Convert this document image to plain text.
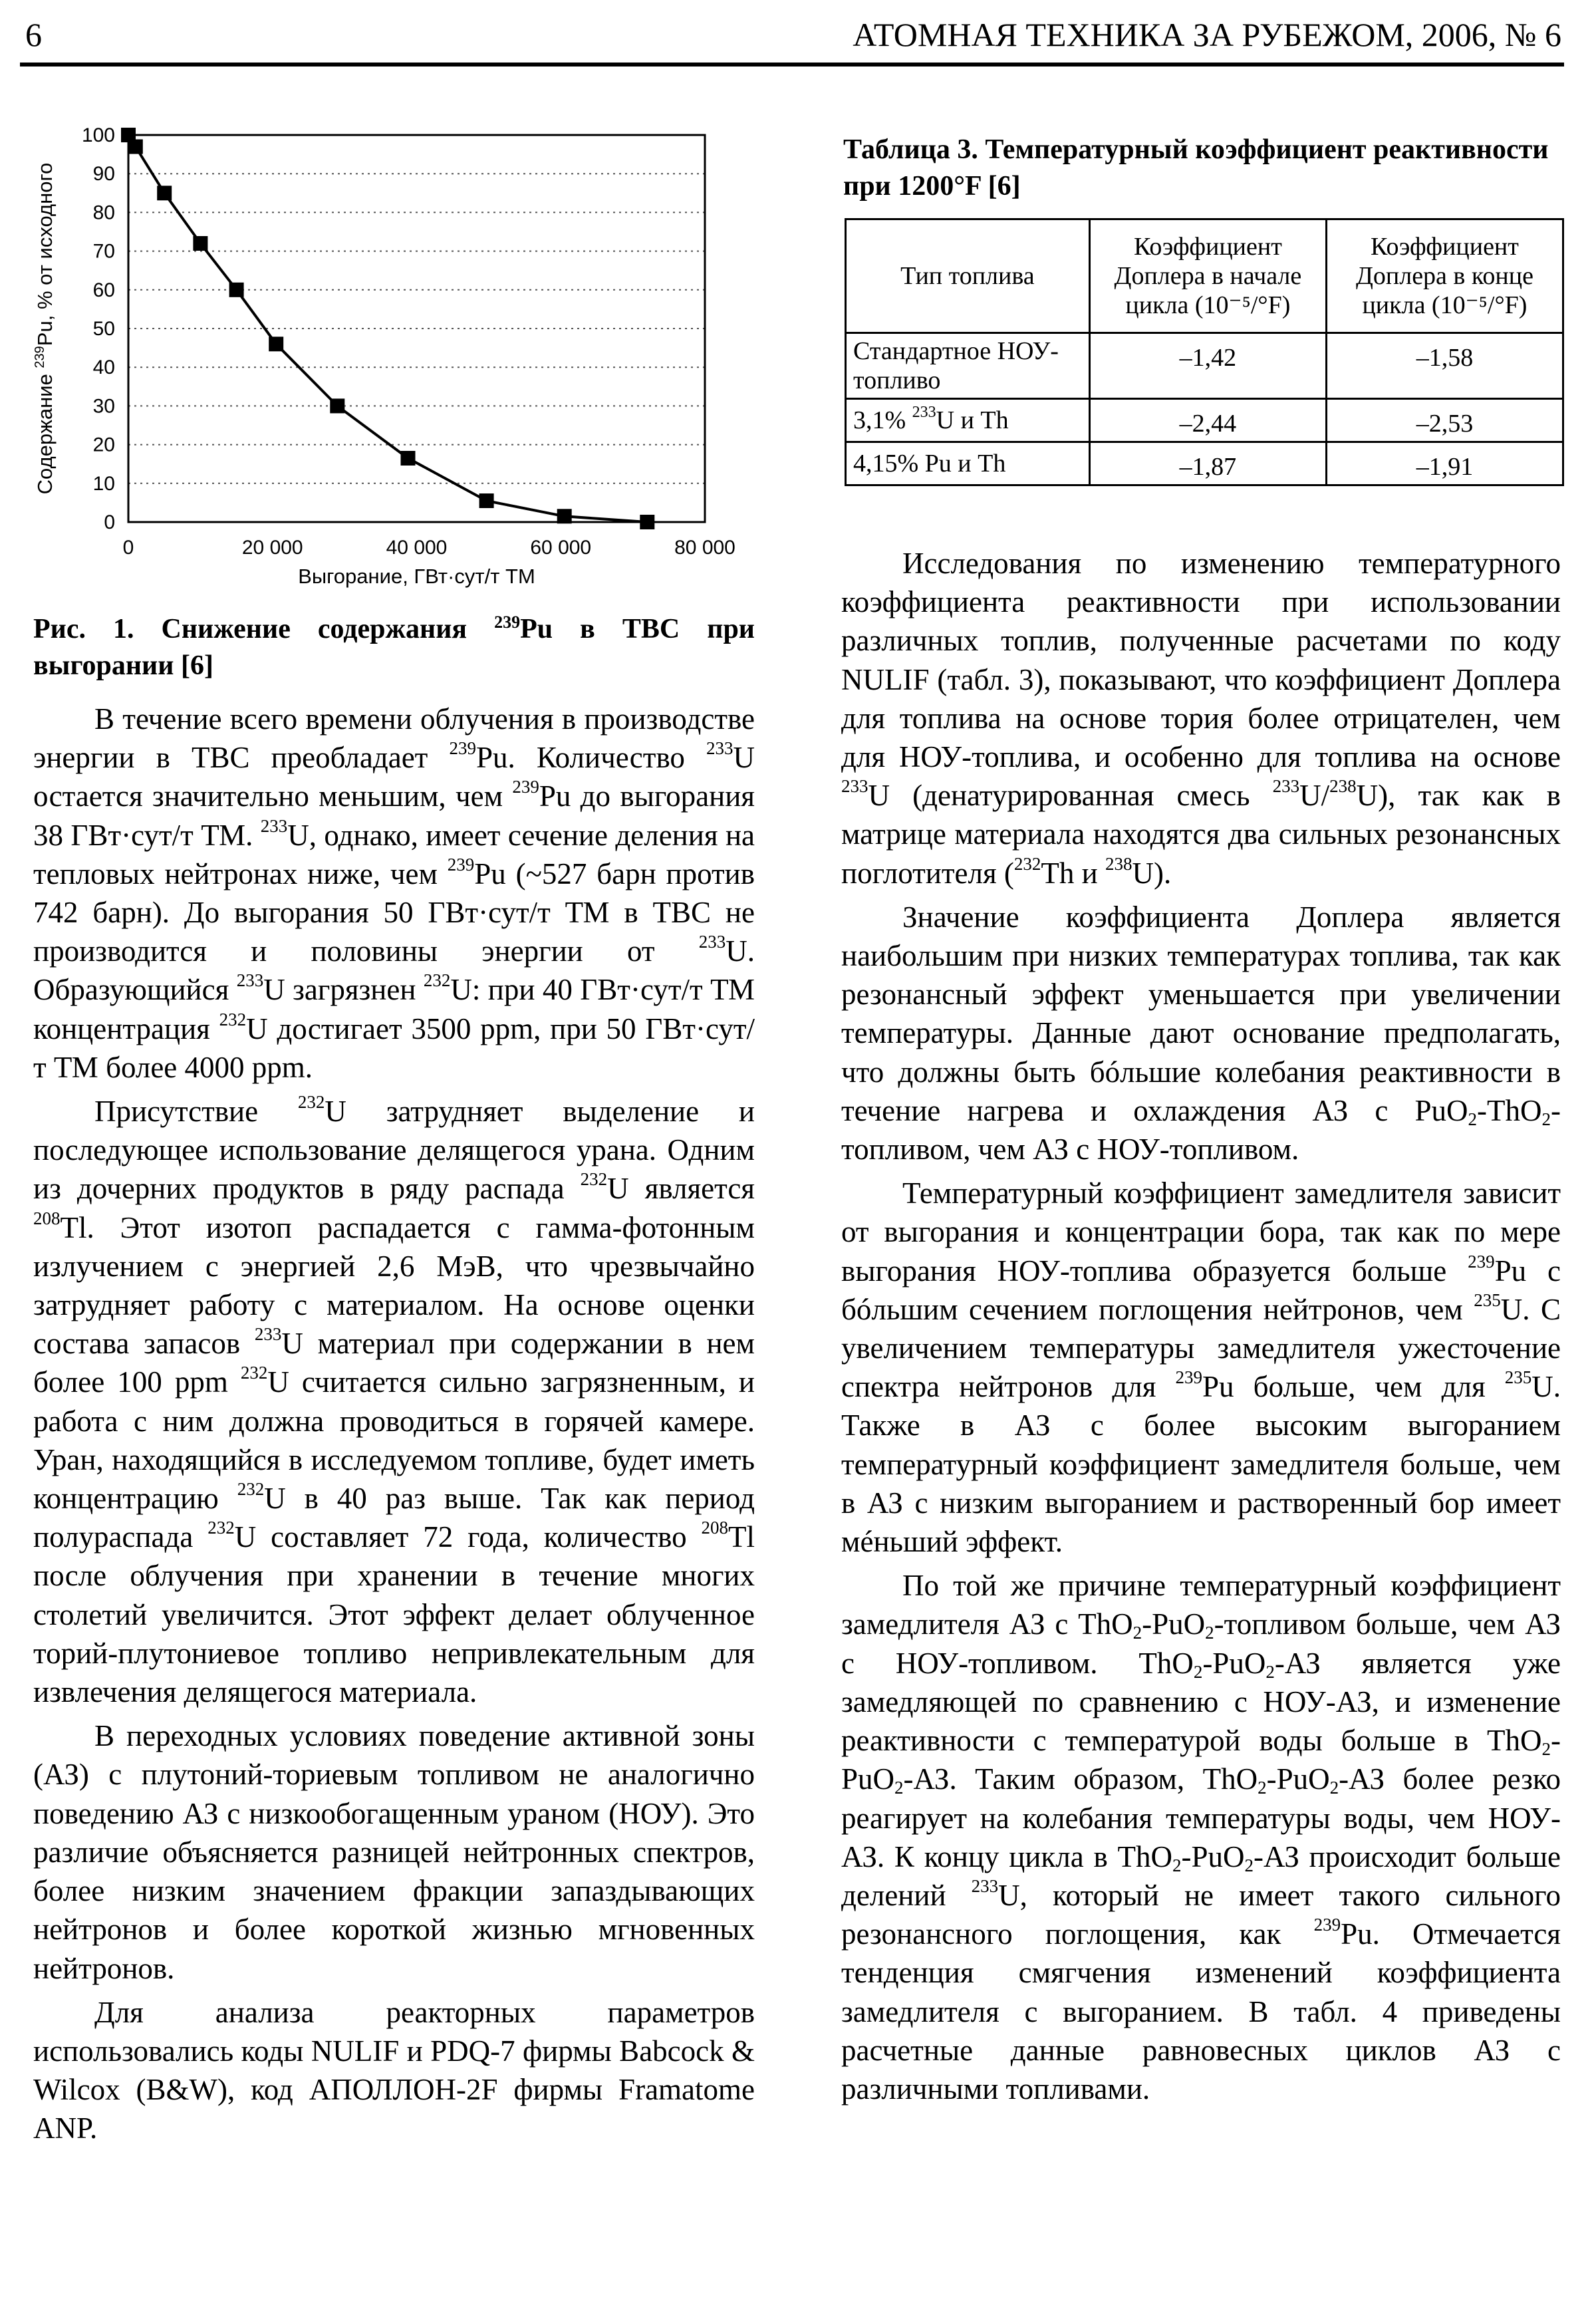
6	АТОМНАЯ ТЕХНИКА ЗА РУБЕЖОМ, 2006, № 6
0
10
20
30
40
50
60
70
80
90
100
0	20 000	40 000	60 000	80 000
Выгорание, ГВт·сут/т ТМ
Содержание $^{239}$Pu, % от исходного
Рис. 1. Снижение содержания $^{239}$Pu в ТВС при выгорании [6]
Таблица 3. Температурный коэффициент реактивности при 1200°F [6]
Тип топлива	Коэффициент Доплера в начале цикла (10⁻⁵/°F)	Коэффициент Доплера в конце цикла (10⁻⁵/°F)
Стандартное НОУ-топливо	–1,42	–1,58
3,1% $^{233}$U и Th	–2,44	–2,53
4,15% Pu и Th	–1,87	–1,91

В течение всего времени облучения в производстве энергии в ТВС преобладает $^{239}$Pu. Количество $^{233}$U остается значительно меньшим, чем $^{239}$Pu до выгорания 38 ГВт·сут/т ТМ. $^{233}$U, однако, имеет сечение деления на тепловых нейтронах ниже, чем $^{239}$Pu (~527 барн против 742 барн). До выгорания 50 ГВт·сут/т ТМ в ТВС не производится и половины энергии от $^{233}$U. Образующийся $^{233}$U загрязнен $^{232}$U: при 40 ГВт·сут/т ТМ концентрация $^{232}$U достигает 3500 ppm, при 50 ГВт·сут/т ТМ более 4000 ppm.

Присутствие $^{232}$U затрудняет выделение и последующее использование делящегося урана. Одним из дочерних продуктов в ряду распада $^{232}$U является $^{208}$Tl. Этот изотоп распадается с гамма-фотонным излучением с энергией 2,6 МэВ, что чрезвычайно затрудняет работу с материалом. На основе оценки состава запасов $^{233}$U материал при содержании в нем более 100 ppm $^{232}$U считается сильно загрязненным, и работа с ним должна проводиться в горячей камере. Уран, находящийся в исследуемом топливе, будет иметь концентрацию $^{232}$U в 40 раз выше. Так как период полураспада $^{232}$U составляет 72 года, количество $^{208}$Tl после облучения при хранении в течение многих столетий увеличится. Этот эффект делает облученное торий-плутониевое топливо непривлекательным для извлечения делящегося материала.

В переходных условиях поведение активной зоны (АЗ) с плутоний-ториевым топливом не аналогично поведению АЗ с низкообогащенным ураном (НОУ). Это различие объясняется разницей нейтронных спектров, более низким значением фракции запаздывающих нейтронов и более короткой жизнью мгновенных нейтронов.

Для анализа реакторных параметров использовались коды NULIF и PDQ-7 фирмы Babcock & Wilcox (B&W), код АПОЛЛОН-2F фирмы Framatome ANP.

Исследования по изменению температурного коэффициента реактивности при использовании различных топлив, полученные расчетами по коду NULIF (табл. 3), показывают, что коэффициент Доплера для топлива на основе тория более отрицателен, чем для НОУ-топлива, и особенно для топлива на основе $^{233}$U (денатурированная смесь $^{233}$U/$^{238}$U), так как в матрице материала находятся два сильных резонансных поглотителя ($^{232}$Th и $^{238}$U).

Значение коэффициента Доплера является наибольшим при низких температурах топлива, так как резонансный эффект уменьшается при увеличении температуры. Данные дают основание предполагать, что должны быть бóльшие колебания реактивности в течение нагрева и охлаждения АЗ с PuO$_2$-ThO$_2$-топливом, чем АЗ с НОУ-топливом.

Температурный коэффициент замедлителя зависит от выгорания и концентрации бора, так как по мере выгорания НОУ-топлива образуется больше $^{239}$Pu с бóльшим сечением поглощения нейтронов, чем $^{235}$U. С увеличением температуры замедлителя ужесточение спектра нейтронов для $^{239}$Pu больше, чем для $^{235}$U. Также в АЗ с более высоким выгоранием температурный коэффициент замедлителя больше, чем в АЗ с низким выгоранием и растворенный бор имеет мéньший эффект.

По той же причине температурный коэффициент замедлителя АЗ с ThO$_2$-PuO$_2$-топливом больше, чем АЗ с НОУ-топливом. ThO$_2$-PuO$_2$-АЗ является уже замедляющей по сравнению с НОУ-АЗ, и изменение реактивности с температурой воды больше в ThO$_2$-PuO$_2$-АЗ. Таким образом, ThO$_2$-PuO$_2$-АЗ более резко реагирует на колебания температуры воды, чем НОУ-АЗ. К концу цикла в ThO$_2$-PuO$_2$-АЗ происходит больше делений $^{233}$U, который не имеет такого сильного резонансного поглощения, как $^{239}$Pu. Отмечается тенденция смягчения изменений коэффициента замедлителя с выгоранием. В табл. 4 приведены расчетные данные равновесных циклов АЗ с различными топливами.
